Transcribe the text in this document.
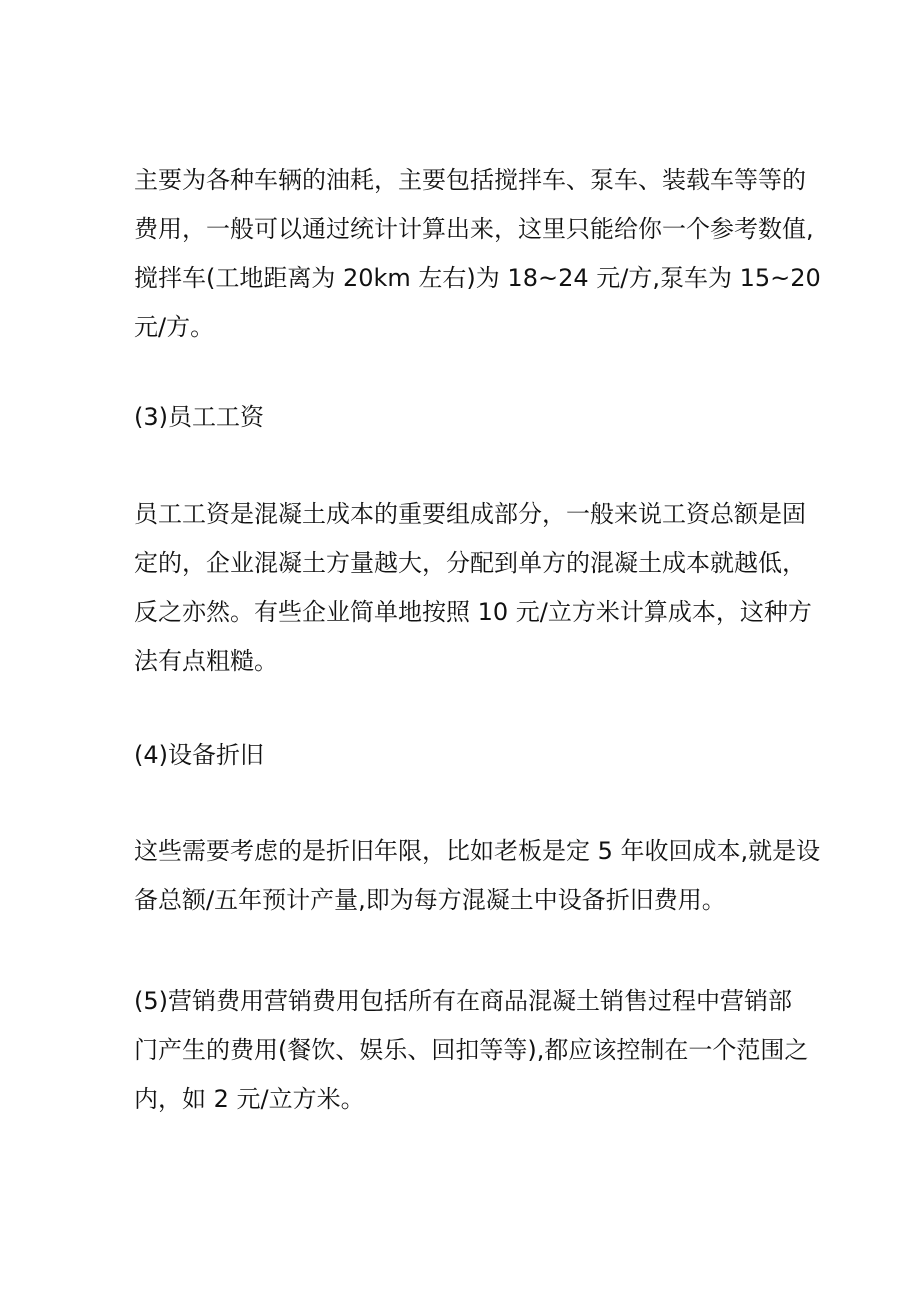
主要为各种车辆的油耗，主要包括搅拌车、泵车、装载车等等的
费用，一般可以通过统计计算出来，这里只能给你一个参考数值,
搅拌车(工地距离为 20km 左右)为 18~24 元/方,泵车为 15~20
元/方。
(3)员工工资
员工工资是混凝土成本的重要组成部分，一般来说工资总额是固
定的，企业混凝土方量越大，分配到单方的混凝土成本就越低，
反之亦然。有些企业简单地按照 10 元/立方米计算成本，这种方
法有点粗糙。
(4)设备折旧
这些需要考虑的是折旧年限，比如老板是定 5 年收回成本,就是设
备总额/五年预计产量,即为每方混凝土中设备折旧费用。
(5)营销费用营销费用包括所有在商品混凝土销售过程中营销部
门产生的费用(餐饮、娱乐、回扣等等),都应该控制在一个范围之
内，如 2 元/立方米。
